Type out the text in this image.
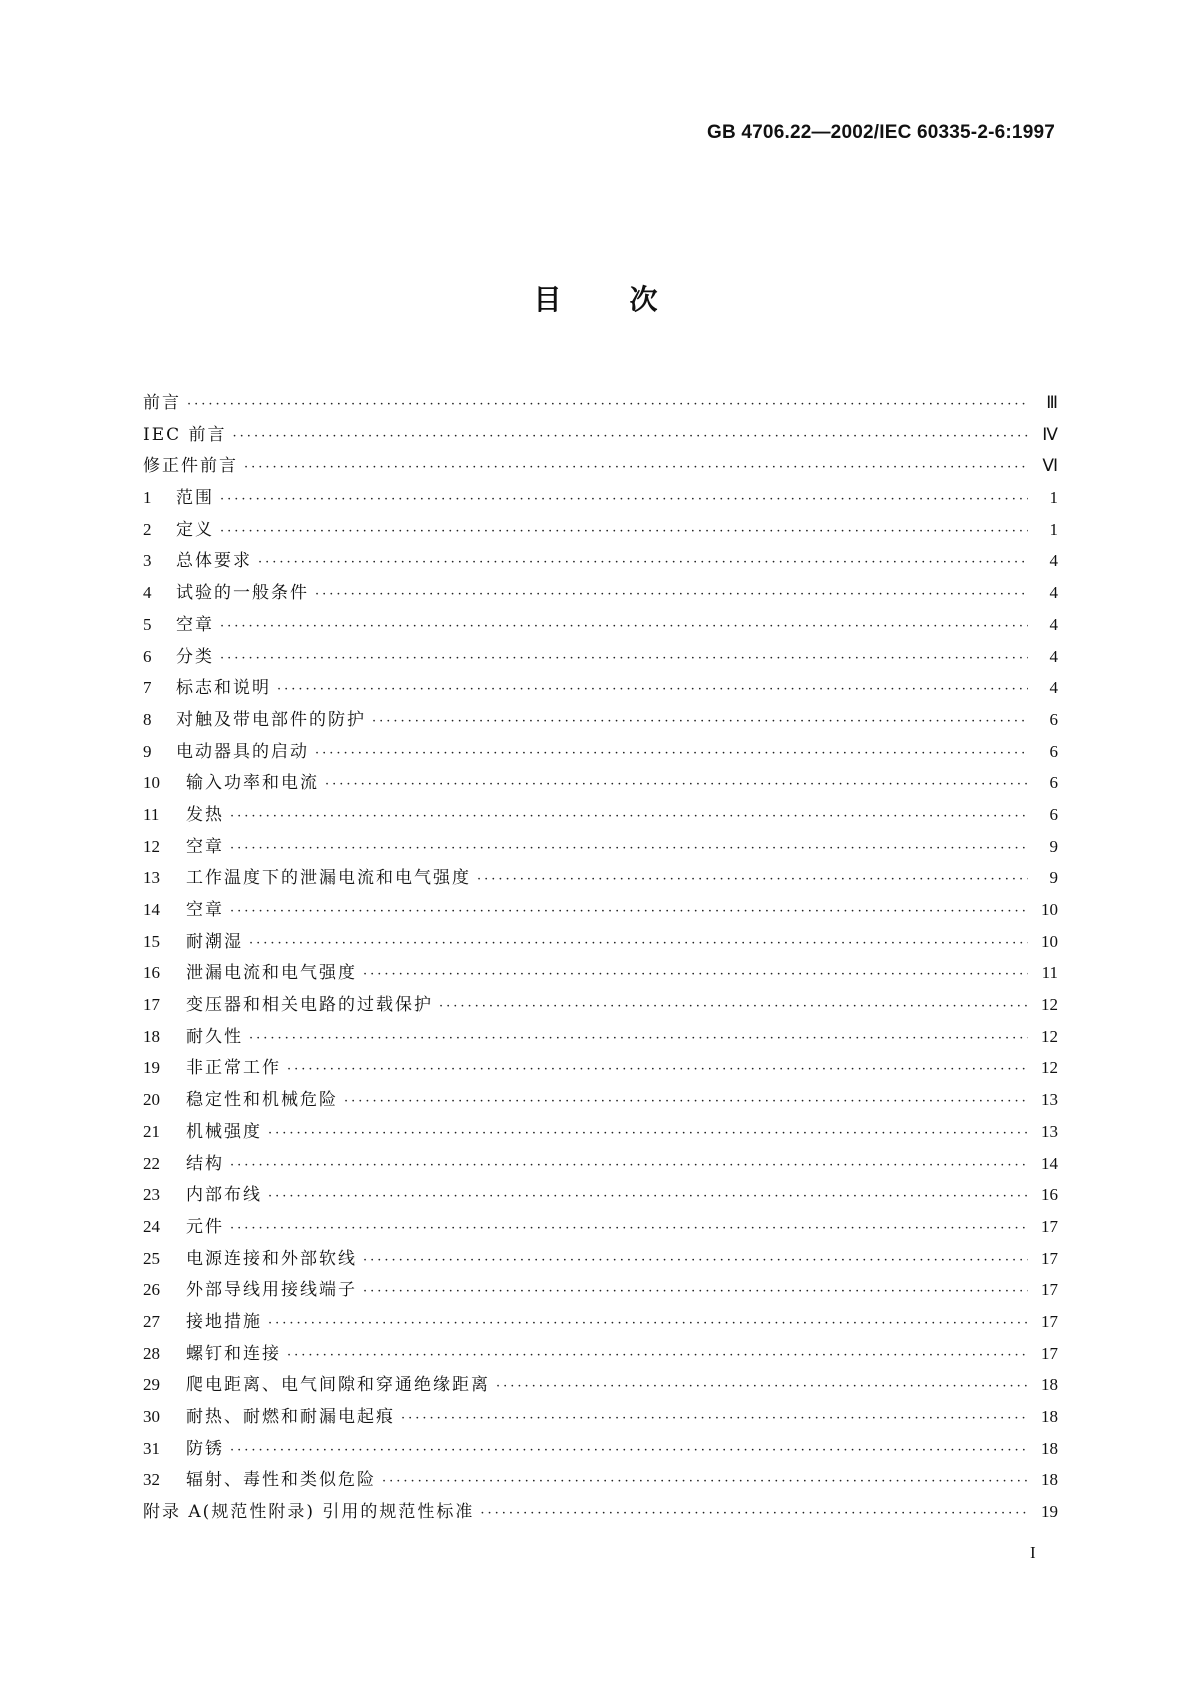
GB 4706.22—2002/IEC 60335-2-6:1997
目 次
前言 ·····	Ⅲ
IEC 前言 ·····	Ⅳ
修正件前言 ·····	Ⅵ
1	范围 ·····	1
2	定义 ·····	1
3	总体要求 ·····	4
4	试验的一般条件 ·····	4
5	空章 ·····	4
6	分类 ·····	4
7	标志和说明 ·····	4
8	对触及带电部件的防护 ·····	6
9	电动器具的启动 ·····	6
10	输入功率和电流 ·····	6
11	发热 ·····	6
12	空章 ·····	9
13	工作温度下的泄漏电流和电气强度 ·····	9
14	空章 ·····	10
15	耐潮湿 ·····	10
16	泄漏电流和电气强度 ·····	11
17	变压器和相关电路的过载保护 ·····	12
18	耐久性 ·····	12
19	非正常工作 ·····	12
20	稳定性和机械危险 ·····	13
21	机械强度 ·····	13
22	结构 ·····	14
23	内部布线 ·····	16
24	元件 ·····	17
25	电源连接和外部软线 ·····	17
26	外部导线用接线端子 ·····	17
27	接地措施 ·····	17
28	螺钉和连接 ·····	17
29	爬电距离、电气间隙和穿通绝缘距离 ·····	18
30	耐热、耐燃和耐漏电起痕 ·····	18
31	防锈 ·····	18
32	辐射、毒性和类似危险 ·····	18
附录 A(规范性附录) 引用的规范性标准 ·····	19
I
